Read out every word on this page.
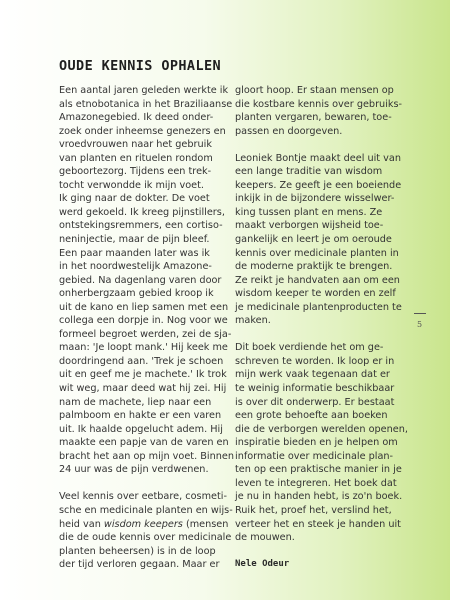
OUDE KENNIS OPHALEN
Een aantal jaren geleden werkte ik
als etnobotanica in het Braziliaanse
Amazonegebied. Ik deed onder-
zoek onder inheemse genezers en
vroedvrouwen naar het gebruik
van planten en rituelen rondom
geboortezorg. Tijdens een trek-
tocht verwondde ik mijn voet.
Ik ging naar de dokter. De voet
werd gekoeld. Ik kreeg pijnstillers,
ontstekingsremmers, een cortiso-
neninjectie, maar de pijn bleef.
Een paar maanden later was ik
in het noordwestelijk Amazone-
gebied. Na dagenlang varen door
onherbergzaam gebied kroop ik
uit de kano en liep samen met een
collega een dorpje in. Nog voor we
formeel begroet werden, zei de sja-
maan: 'Je loopt mank.' Hij keek me
doordringend aan. 'Trek je schoen
uit en geef me je machete.' Ik trok
wit weg, maar deed wat hij zei. Hij
nam de machete, liep naar een
palmboom en hakte er een varen
uit. Ik haalde opgelucht adem. Hij
maakte een papje van de varen en
bracht het aan op mijn voet. Binnen
24 uur was de pijn verdwenen.
Veel kennis over eetbare, cosmeti-
sche en medicinale planten en wijs-
heid van wisdom keepers (mensen
die de oude kennis over medicinale
planten beheersen) is in de loop
der tijd verloren gegaan. Maar er
gloort hoop. Er staan mensen op
die kostbare kennis over gebruiks-
planten vergaren, bewaren, toe-
passen en doorgeven.
Leoniek Bontje maakt deel uit van
een lange traditie van wisdom
keepers. Ze geeft je een boeiende
inkijk in de bijzondere wisselwer-
king tussen plant en mens. Ze
maakt verborgen wijsheid toe-
gankelijk en leert je om oeroude
kennis over medicinale planten in
de moderne praktijk te brengen.
Ze reikt je handvaten aan om een
wisdom keeper te worden en zelf
je medicinale plantenproducten te
maken.
Dit boek verdiende het om ge-
schreven te worden. Ik loop er in
mijn werk vaak tegenaan dat er
te weinig informatie beschikbaar
is over dit onderwerp. Er bestaat
een grote behoefte aan boeken
die de verborgen werelden openen,
inspiratie bieden en je helpen om
informatie over medicinale plan-
ten op een praktische manier in je
leven te integreren. Het boek dat
je nu in handen hebt, is zo'n boek.
Ruik het, proef het, verslind het,
verteer het en steek je handen uit
de mouwen.
Nele Odeur
5
